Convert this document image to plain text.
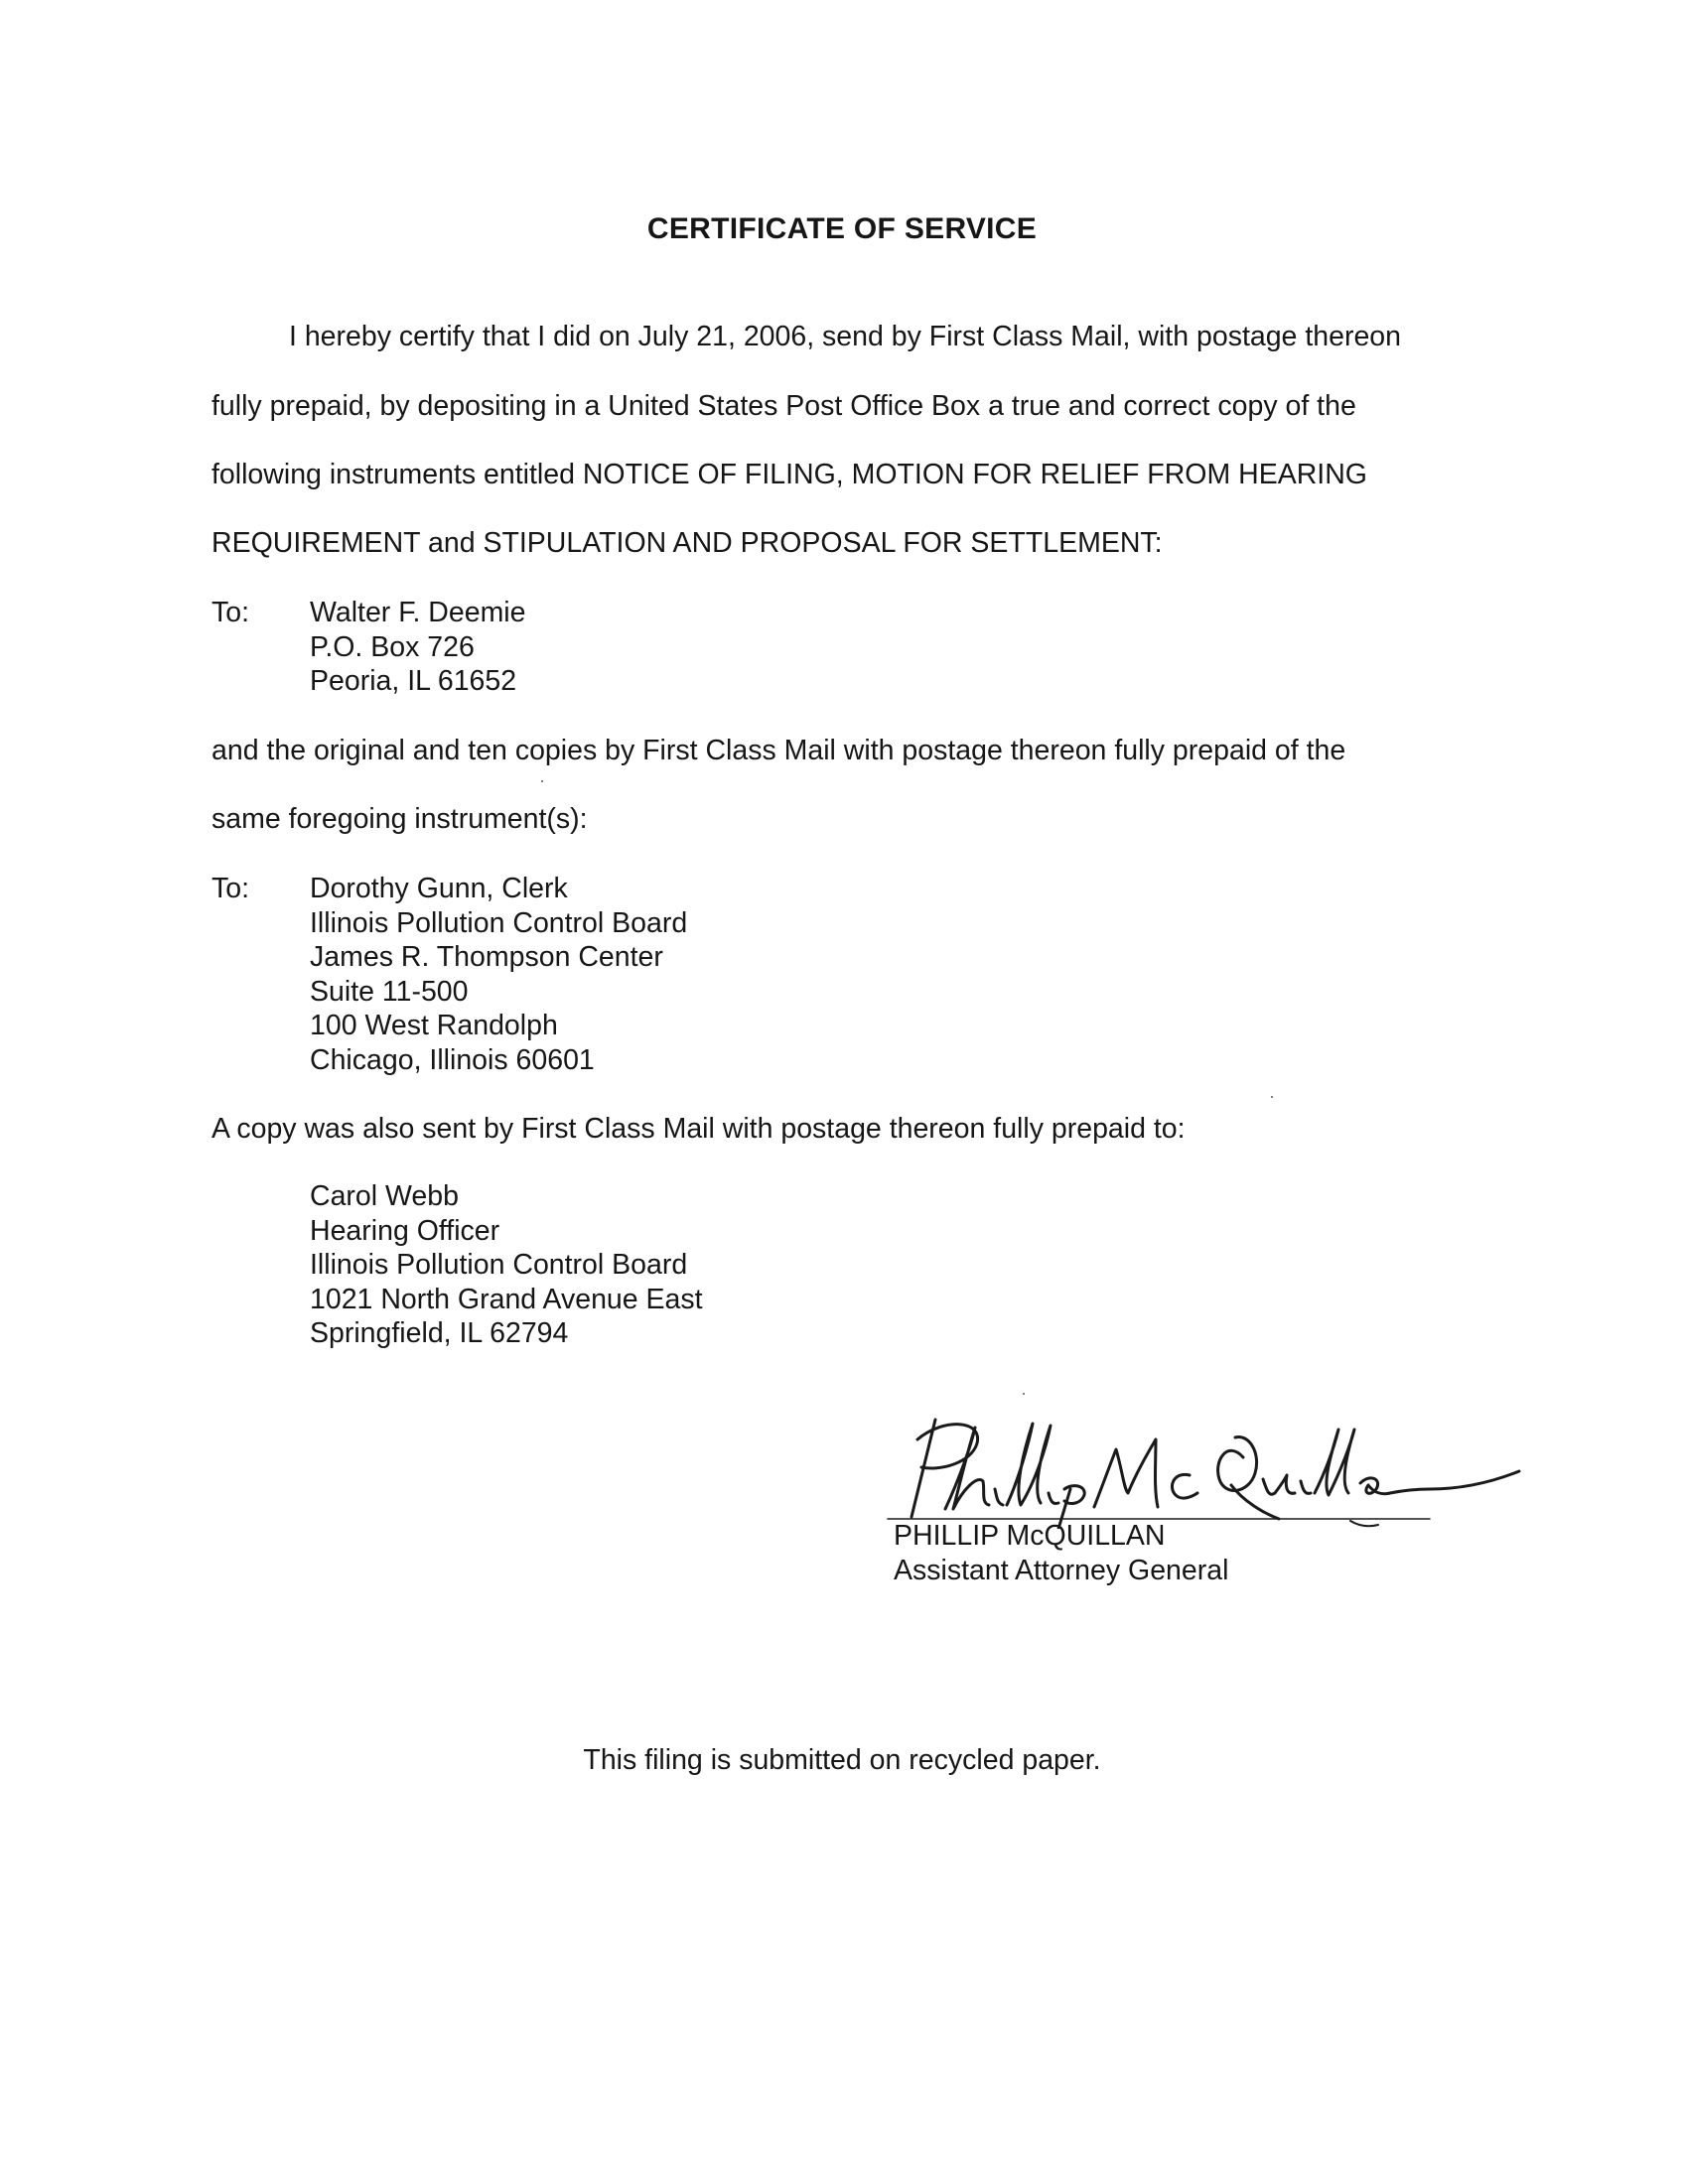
CERTIFICATE OF SERVICE
I hereby certify that I did on July 21, 2006, send by First Class Mail, with postage thereon
fully prepaid, by depositing in a United States Post Office Box a true and correct copy of the
following instruments entitled NOTICE OF FILING, MOTION FOR RELIEF FROM HEARING
REQUIREMENT and STIPULATION AND PROPOSAL FOR SETTLEMENT:
To: Walter F. Deemie
P.O. Box 726
Peoria, IL 61652
and the original and ten copies by First Class Mail with postage thereon fully prepaid of the
same foregoing instrument(s):
To: Dorothy Gunn, Clerk
Illinois Pollution Control Board
James R. Thompson Center
Suite 11-500
100 West Randolph
Chicago, Illinois 60601
A copy was also sent by First Class Mail with postage thereon fully prepaid to:
Carol Webb
Hearing Officer
Illinois Pollution Control Board
1021 North Grand Avenue East
Springfield, IL 62794
PHILLIP McQUILLAN
Assistant Attorney General
This filing is submitted on recycled paper.
